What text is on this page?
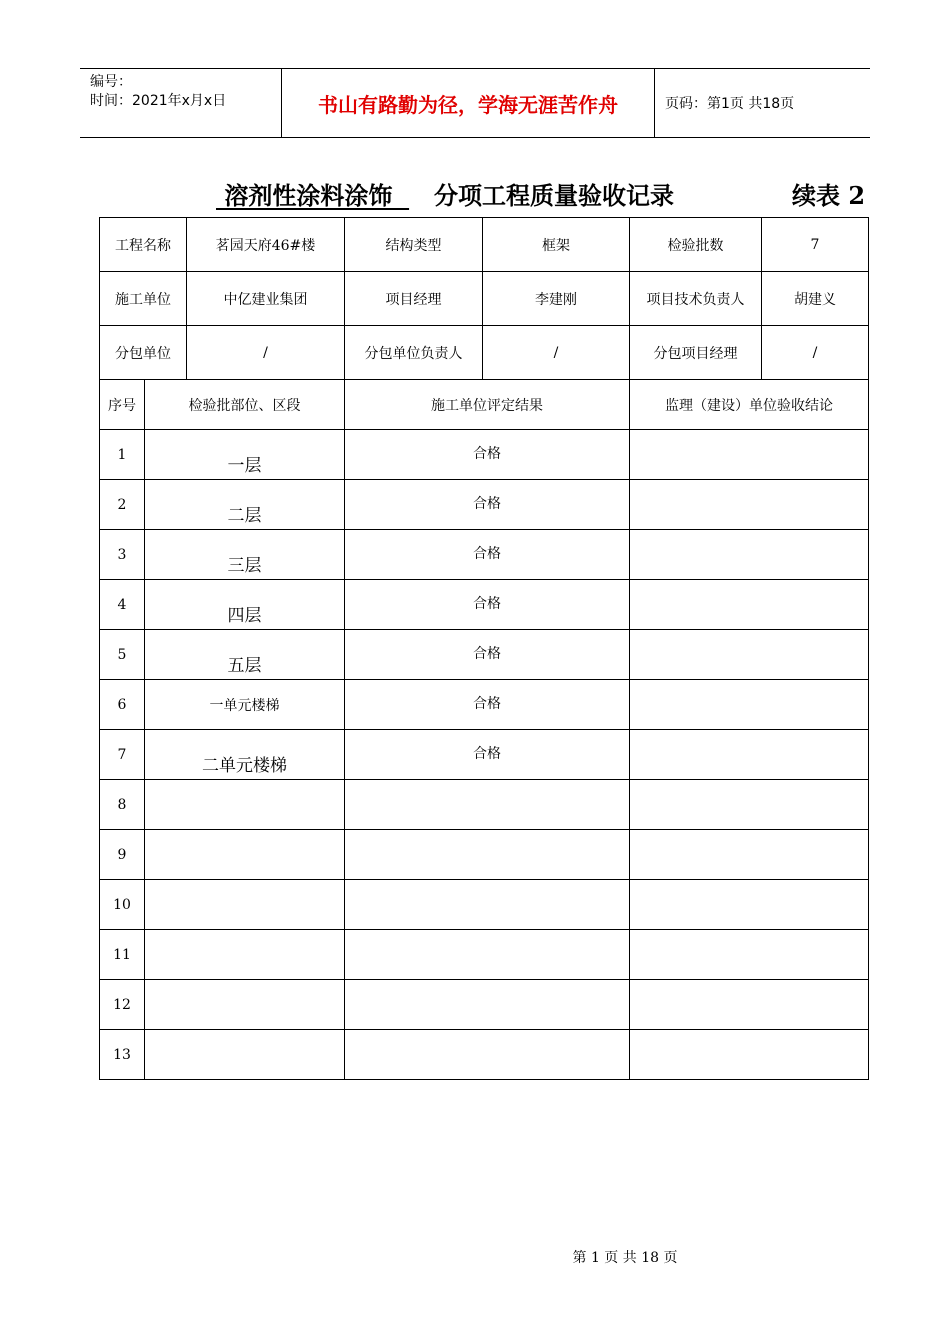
编号：
时间：2021年x月x日	书山有路勤为径，学海无涯苦作舟	页码：第1页 共18页
溶剂性涂料涂饰 分项工程质量验收记录	续表 2
工程名称		茗园天府46#楼	结构类型	框架	检验批数	7
施工单位		中亿建业集团	项目经理	李建刚	项目技术负责人	胡建义
分包单位		/	分包单位负责人	/	分包项目经理	/
序号	检验批部位、区段		施工单位评定结果		监理（建设）单位验收结论	
1	一层		合格			
2	二层		合格			
3	三层		合格			
4	四层		合格			
5	五层		合格			
6	一单元楼梯		合格			
7	二单元楼梯		合格			
8						
9						
10						
11						
12						
13						
第 1 页 共 18 页
